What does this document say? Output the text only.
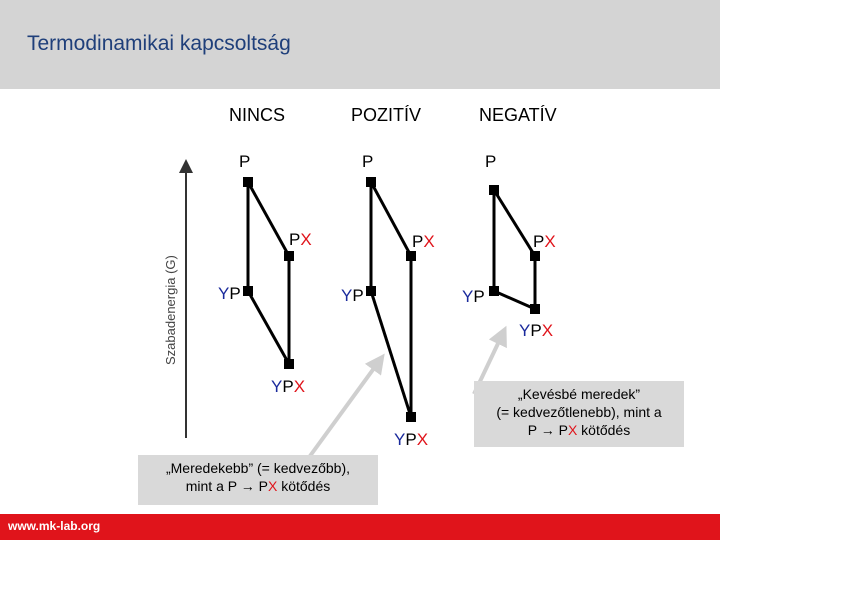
Termodinamikai kapcsoltság
Szabadenergia (G)
NINCS	POZITÍV	NEGATÍV
P
PX
YP
YPX
P
PX
YP
YPX
P
PX
YP
YPX
„Meredekebb” (= kedvezőbb),
mint a P → PX kötődés
„Kevésbé meredek”
(= kedvezőtlenebb), mint a
P → PX kötődés
www.mk-lab.org
